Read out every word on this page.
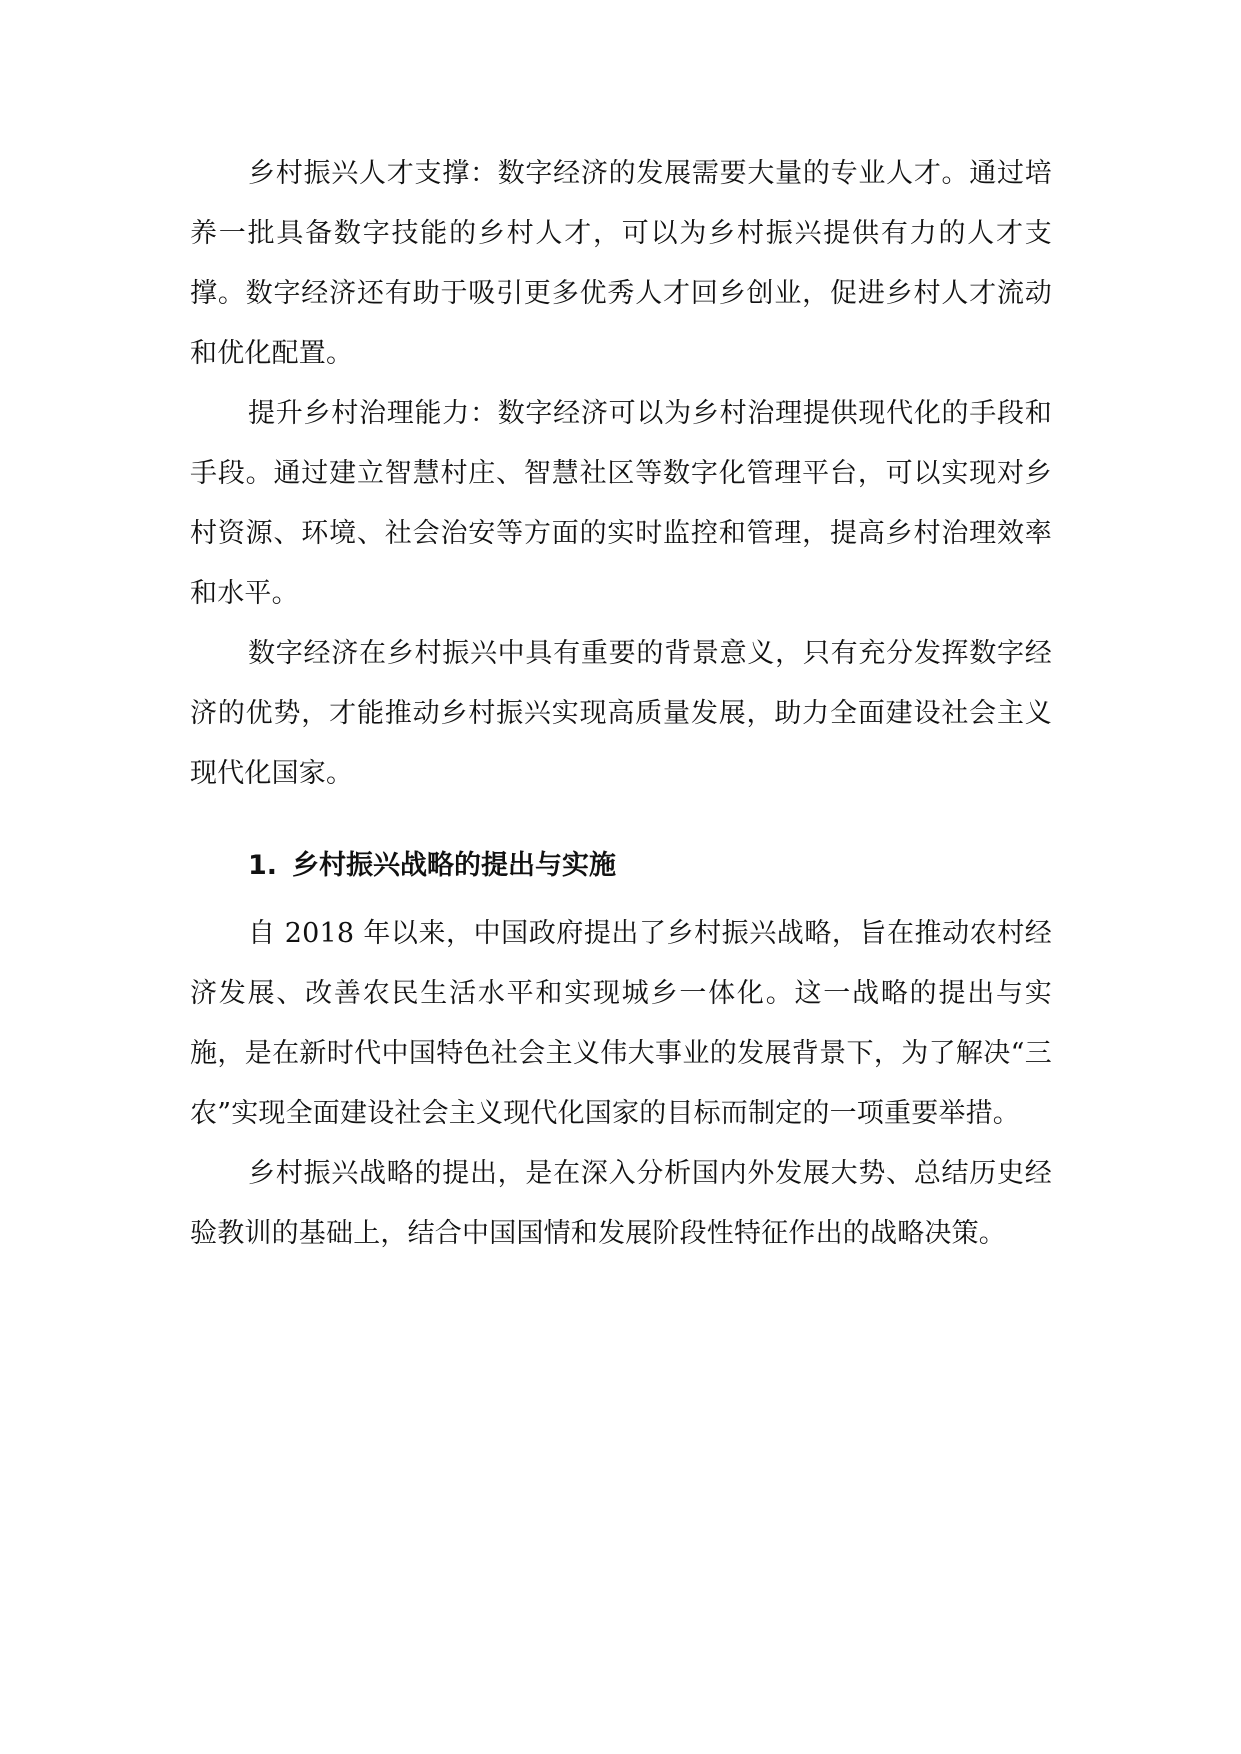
乡村振兴人才支撑：数字经济的发展需要大量的专业人才。通过培养一批具备数字技能的乡村人才，可以为乡村振兴提供有力的人才支撑。数字经济还有助于吸引更多优秀人才回乡创业，促进乡村人才流动和优化配置。

提升乡村治理能力：数字经济可以为乡村治理提供现代化的手段和手段。通过建立智慧村庄、智慧社区等数字化管理平台，可以实现对乡村资源、环境、社会治安等方面的实时监控和管理，提高乡村治理效率和水平。

数字经济在乡村振兴中具有重要的背景意义，只有充分发挥数字经济的优势，才能推动乡村振兴实现高质量发展，助力全面建设社会主义现代化国家。

1. 乡村振兴战略的提出与实施

自 2018 年以来，中国政府提出了乡村振兴战略，旨在推动农村经济发展、改善农民生活水平和实现城乡一体化。这一战略的提出与实施，是在新时代中国特色社会主义伟大事业的发展背景下，为了解决“三农”实现全面建设社会主义现代化国家的目标而制定的一项重要举措。

乡村振兴战略的提出，是在深入分析国内外发展大势、总结历史经验教训的基础上，结合中国国情和发展阶段性特征作出的战略决策。
